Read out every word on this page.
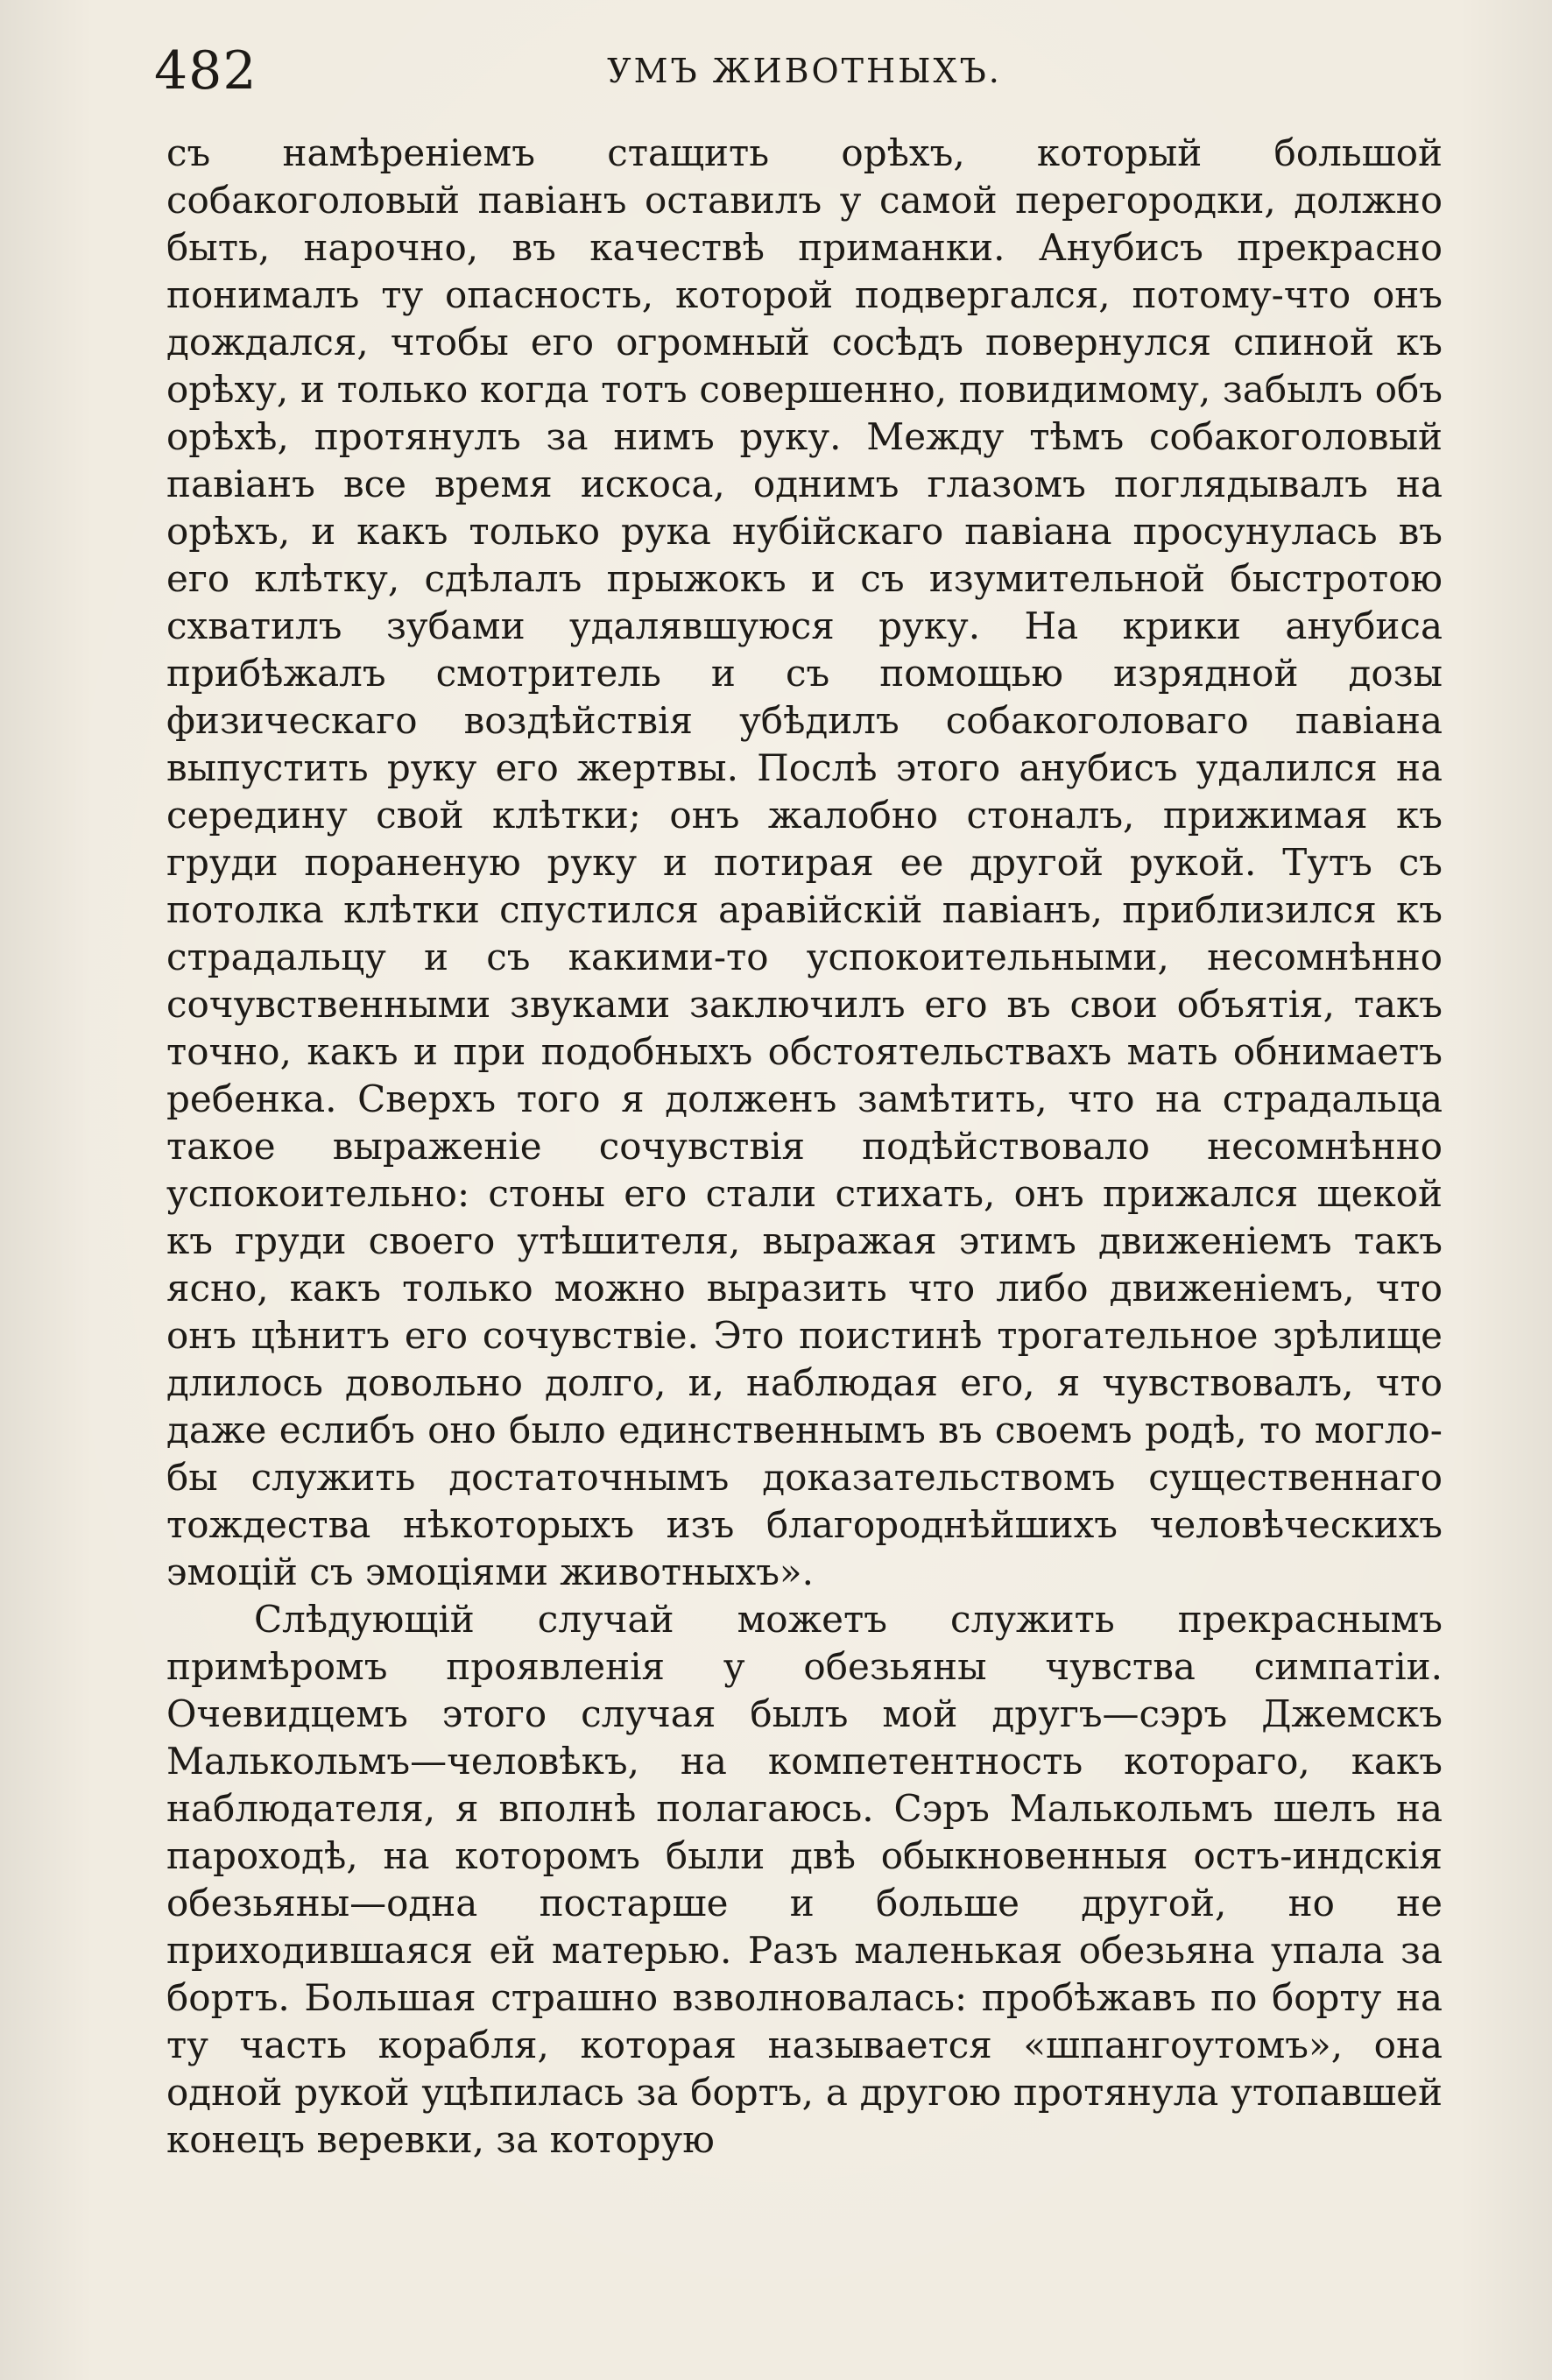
482	УМЪ ЖИВОТНЫХЪ.

съ намѣреніемъ стащить орѣхъ, который большой собакоголовый павіанъ оставилъ у самой перегородки, должно быть, нарочно, въ качествѣ приманки. Анубисъ прекрасно понималъ ту опасность, которой подвергался, потому-что онъ дождался, чтобы его огромный сосѣдъ повернулся спиной къ орѣху, и только когда тотъ совершенно, повидимому, забылъ объ орѣхѣ, протянулъ за нимъ руку. Между тѣмъ собакоголовый павіанъ все время искоса, однимъ глазомъ поглядывалъ на орѣхъ, и какъ только рука нубійскаго павіана просунулась въ его клѣтку, сдѣлалъ прыжокъ и съ изумительной быстротою схватилъ зубами удалявшуюся руку. На крики анубиса прибѣжалъ смотритель и съ помощью изрядной дозы физическаго воздѣйствія убѣдилъ собакоголоваго павіана выпустить руку его жертвы. Послѣ этого анубисъ удалился на середину свой клѣтки; онъ жалобно стоналъ, прижимая къ груди пораненую руку и потирая ее другой рукой. Тутъ съ потолка клѣтки спустился аравійскій павіанъ, приблизился къ страдальцу и съ какими-то успокоительными, несомнѣнно сочувственными звуками заключилъ его въ свои объятія, такъ точно, какъ и при подобныхъ обстоятельствахъ мать обнимаетъ ребенка. Сверхъ того я долженъ замѣтить, что на страдальца такое выраженіе сочувствія подѣйствовало несомнѣнно успокоительно: стоны его стали стихать, онъ прижался щекой къ груди своего утѣшителя, выражая этимъ движеніемъ такъ ясно, какъ только можно выразить что либо движеніемъ, что онъ цѣнитъ его сочувствіе. Это поистинѣ трогательное зрѣлище длилось довольно долго, и, наблюдая его, я чувствовалъ, что даже еслибъ оно было единственнымъ въ своемъ родѣ, то могло-бы служить достаточнымъ доказательствомъ существеннаго тождества нѣкоторыхъ изъ благороднѣйшихъ человѣческихъ эмоцій съ эмоціями животныхъ».

Слѣдующій случай можетъ служить прекраснымъ примѣромъ проявленія у обезьяны чувства симпатіи. Очевидцемъ этого случая былъ мой другъ—сэръ Джемскъ Малькольмъ—человѣкъ, на компетентность котораго, какъ наблюдателя, я вполнѣ полагаюсь. Сэръ Малькольмъ шелъ на пароходѣ, на которомъ были двѣ обыкновенныя остъ-индскія обезьяны—одна постарше и больше другой, но не приходившаяся ей матерью. Разъ маленькая обезьяна упала за бортъ. Большая страшно взволновалась: пробѣжавъ по борту на ту часть корабля, которая называется «шпангоутомъ», она одной рукой уцѣпилась за бортъ, а другою протянула утопавшей конецъ веревки, за которую
